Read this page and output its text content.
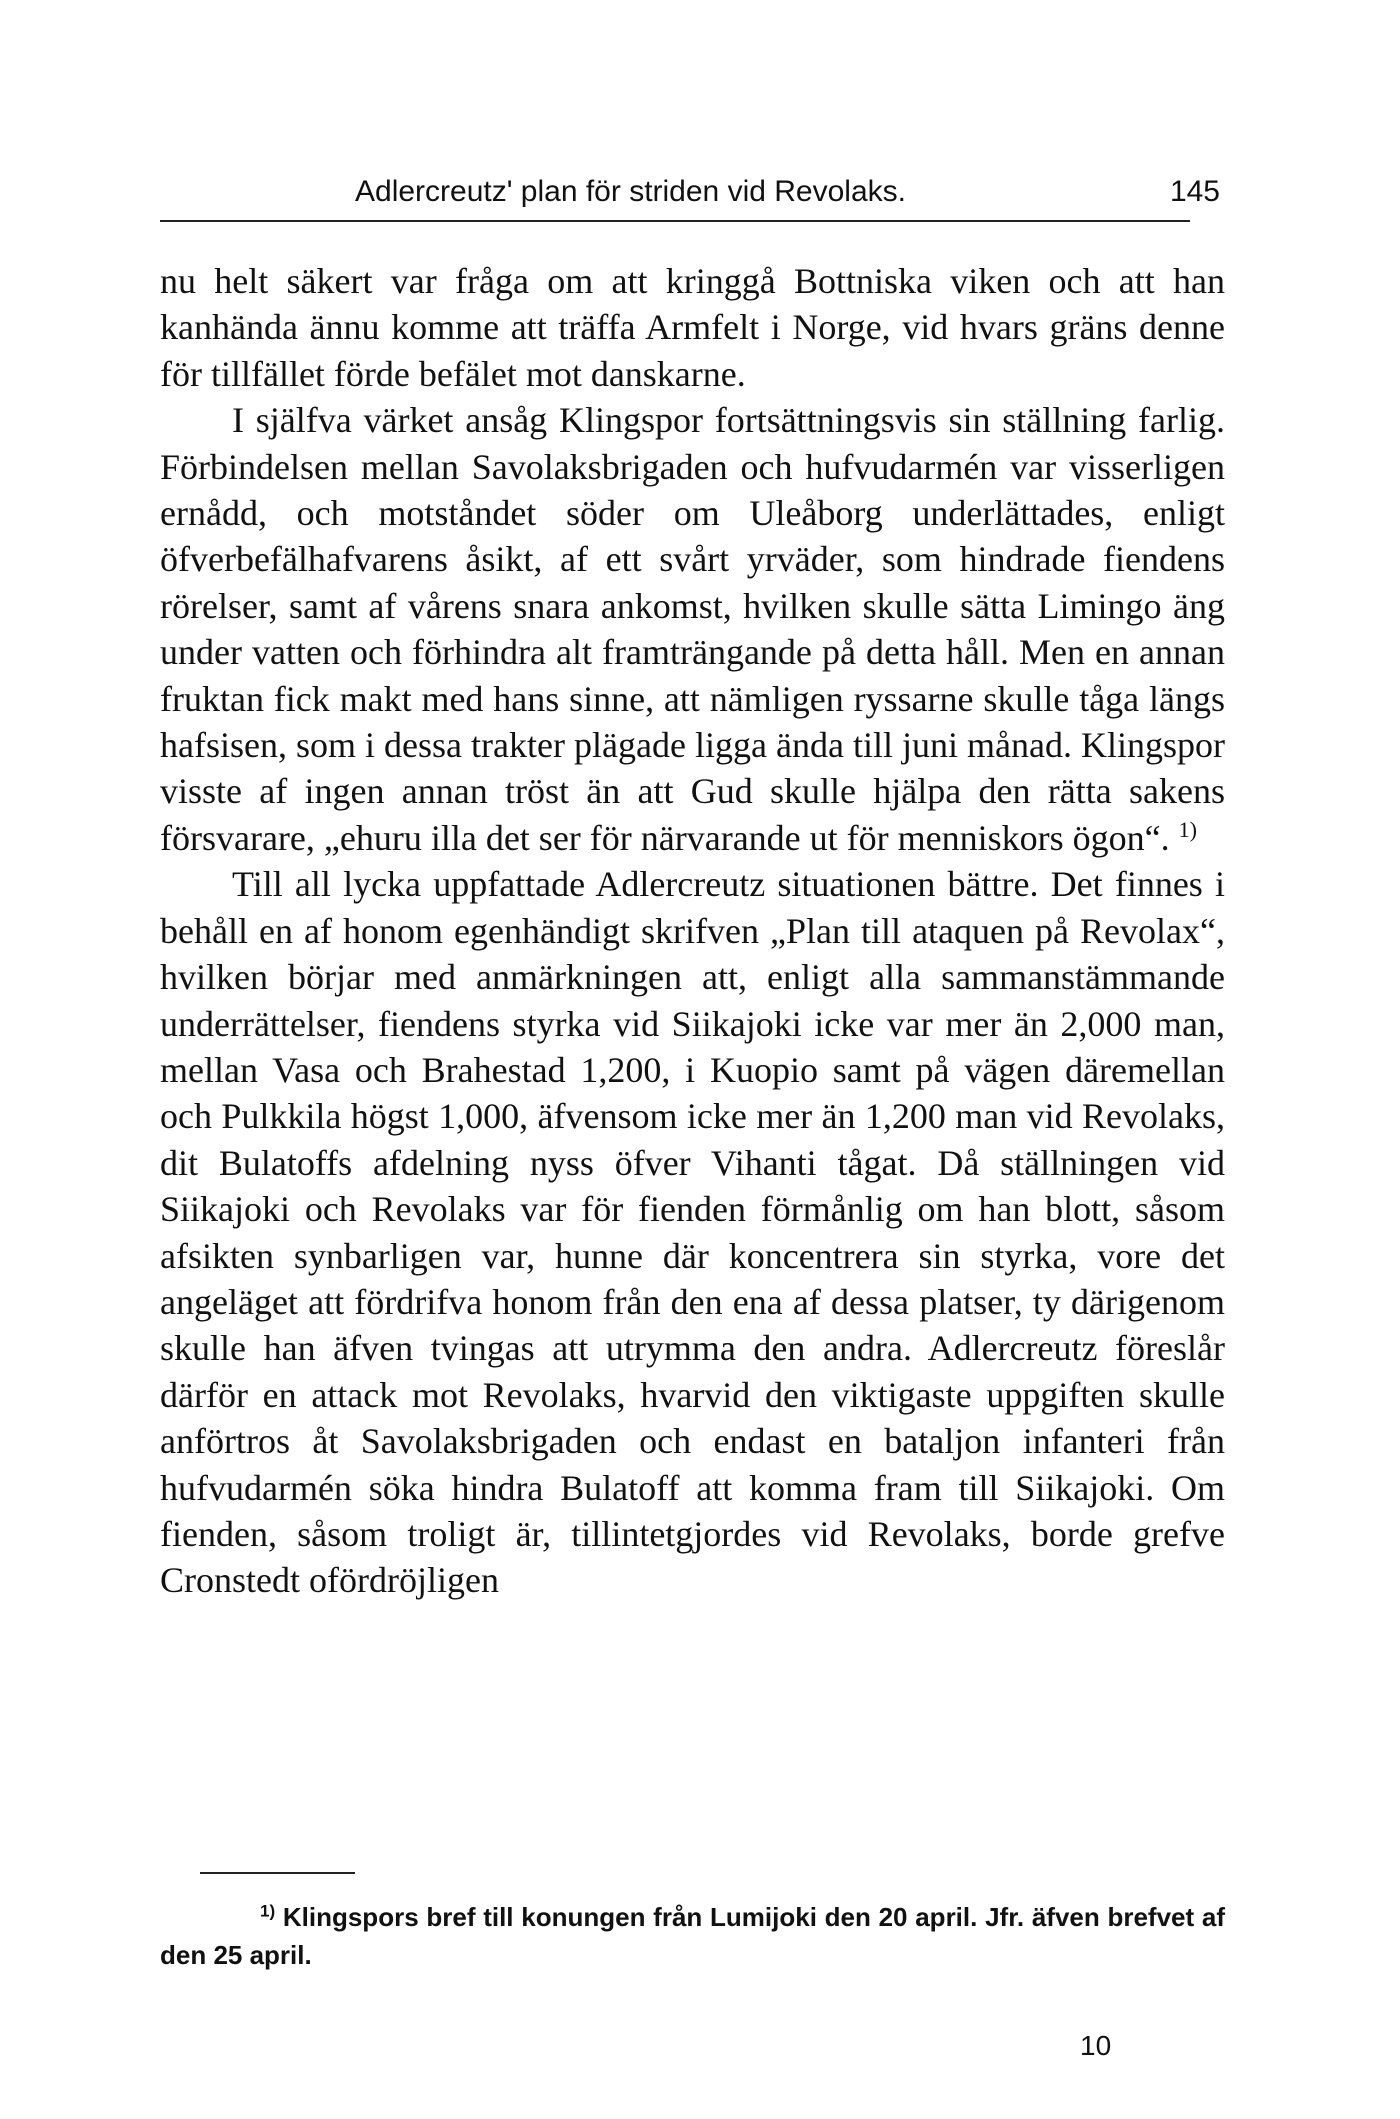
Adlercreutz' plan för striden vid Revolaks.	145

nu helt säkert var fråga om att kringgå Bottniska viken och att han kanhända ännu komme att träffa Armfelt i Norge, vid hvars gräns denne för tillfället förde befälet mot danskarne.

I själfva värket ansåg Klingspor fortsättningsvis sin ställning farlig. Förbindelsen mellan Savolaksbrigaden och hufvudarmén var visserligen ernådd, och motståndet söder om Uleåborg underlättades, enligt öfverbefälhafvarens åsikt, af ett svårt yrväder, som hindrade fiendens rörelser, samt af vårens snara ankomst, hvilken skulle sätta Limingo äng under vatten och förhindra alt framträngande på detta håll. Men en annan fruktan fick makt med hans sinne, att nämligen ryssarne skulle tåga längs hafsisen, som i dessa trakter plägade ligga ända till juni månad. Klingspor visste af ingen annan tröst än att Gud skulle hjälpa den rätta sakens försvarare, „ehuru illa det ser för närvarande ut för menniskors ögon“. $^{1)}$

Till all lycka uppfattade Adlercreutz situationen bättre. Det finnes i behåll en af honom egenhändigt skrifven „Plan till ataquen på Revolax“, hvilken börjar med anmärkningen att, enligt alla sammanstämmande underrättelser, fiendens styrka vid Siikajoki icke var mer än 2,000 man, mellan Vasa och Brahestad 1,200, i Kuopio samt på vägen däremellan och Pulkkila högst 1,000, äfvensom icke mer än 1,200 man vid Revolaks, dit Bulatoffs afdelning nyss öfver Vihanti tågat. Då ställningen vid Siikajoki och Revolaks var för fienden förmånlig om han blott, såsom afsikten synbarligen var, hunne där koncentrera sin styrka, vore det angeläget att fördrifva honom från den ena af dessa platser, ty därigenom skulle han äfven tvingas att utrymma den andra. Adlercreutz föreslår därför en attack mot Revolaks, hvarvid den viktigaste uppgiften skulle anförtros åt Savolaksbrigaden och endast en bataljon infanteri från hufvudarmén söka hindra Bulatoff att komma fram till Siikajoki. Om fienden, såsom troligt är, tillintetgjordes vid Revolaks, borde grefve Cronstedt ofördröjligen

$^{1)}$ Klingspors bref till konungen från Lumijoki den 20 april. Jfr. äfven brefvet af den 25 april.

10
